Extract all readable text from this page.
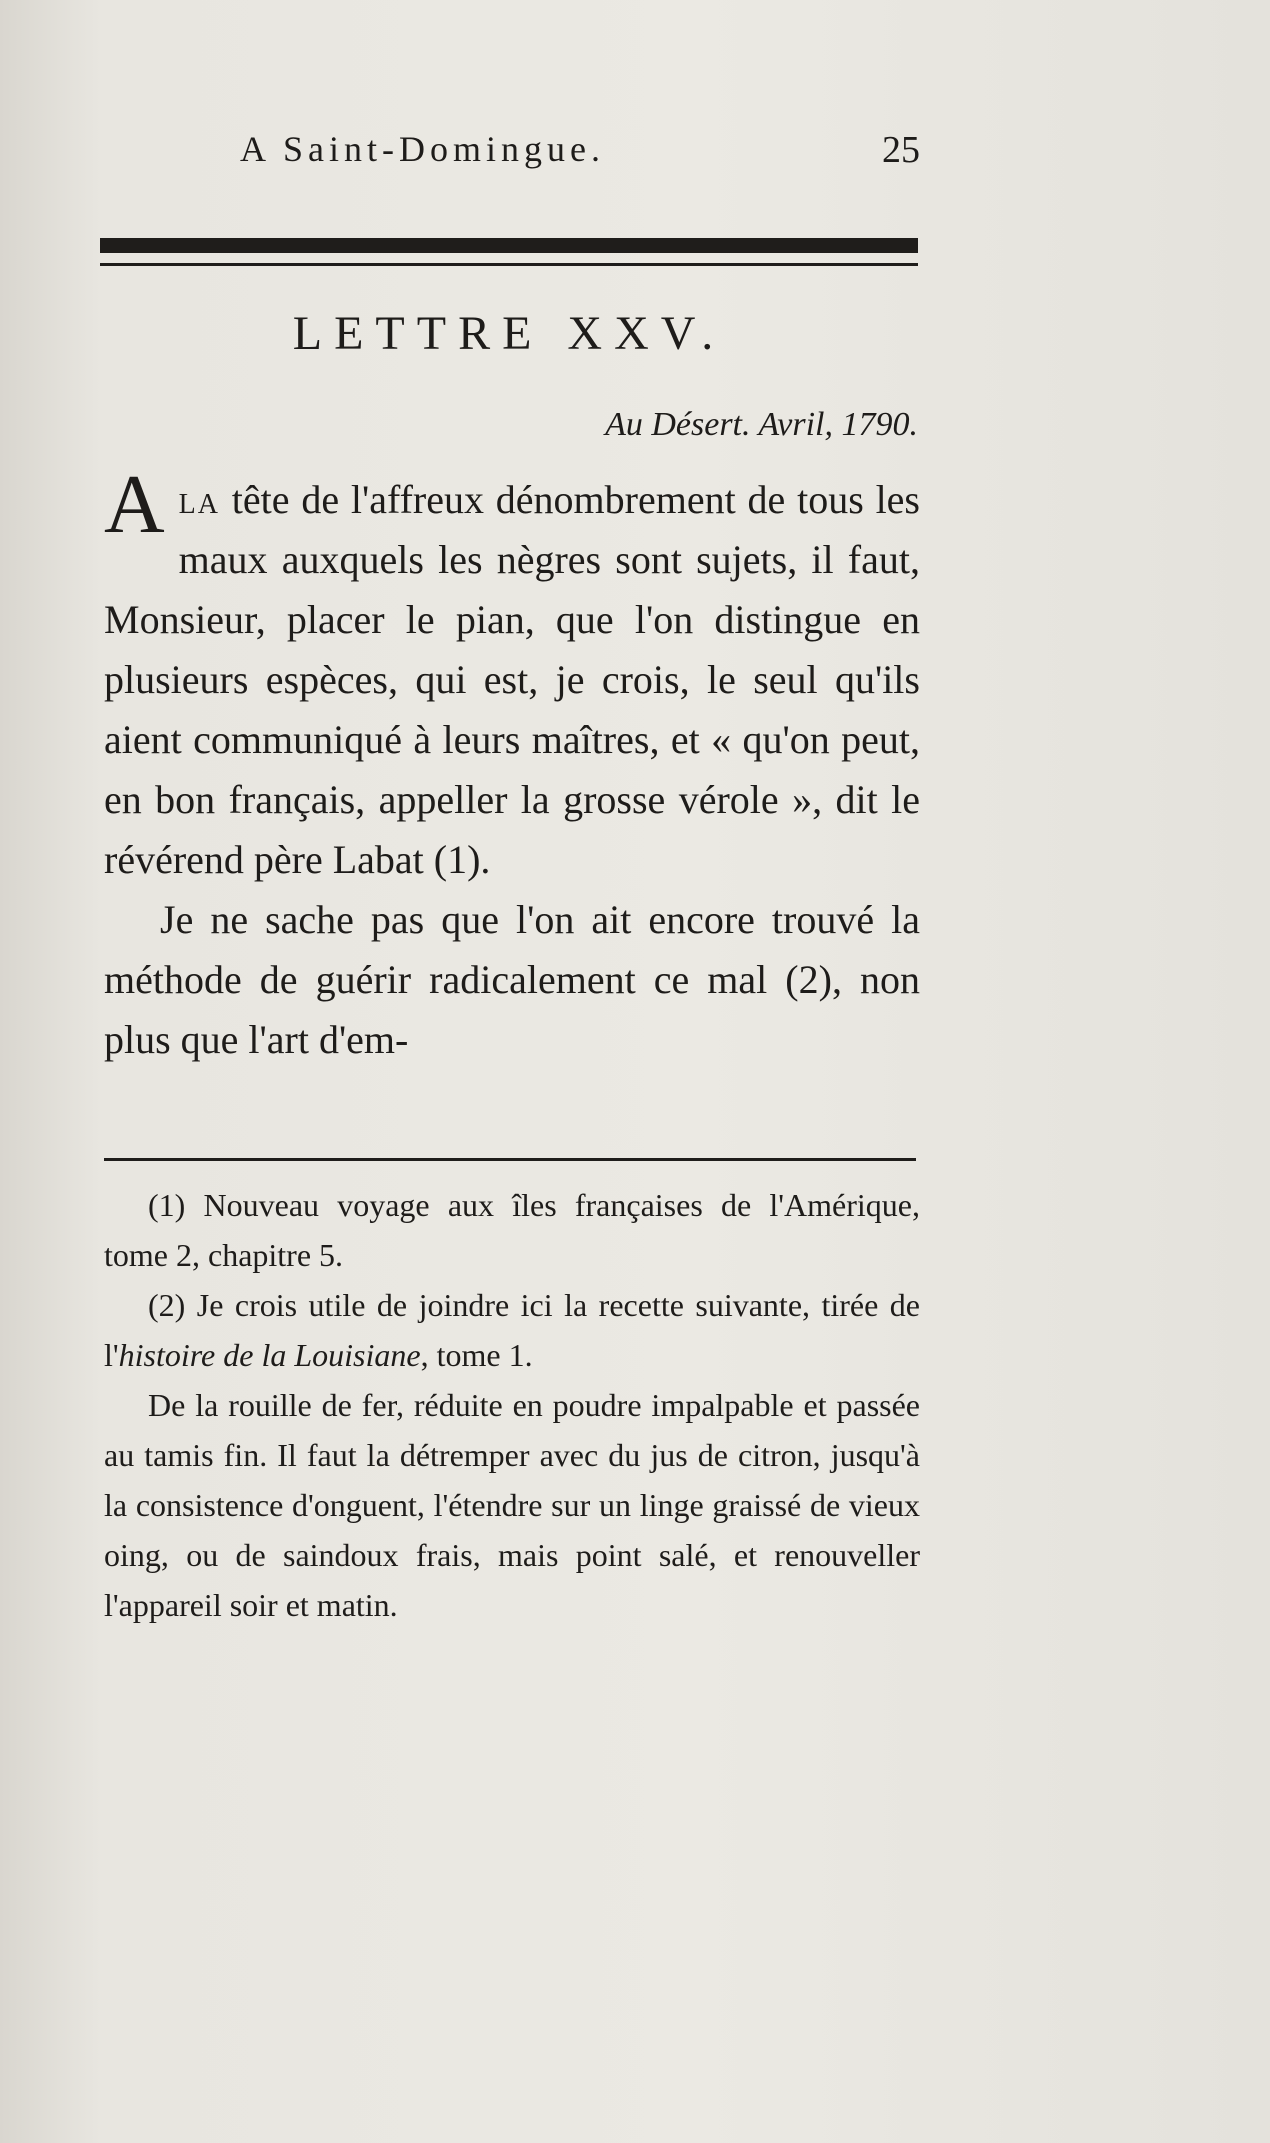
A Saint-Domingue.	25
LETTRE XXV.
Au Désert. Avril, 1790.

Ala tête de l'affreux dénombrement de tous les maux auxquels les nègres sont sujets, il faut, Monsieur, placer le pian, que l'on distingue en plusieurs espèces, qui est, je crois, le seul qu'ils aient communiqué à leurs maîtres, et « qu'on peut, en bon français, appeller la grosse vérole », dit le révérend père Labat (1).

Je ne sache pas que l'on ait encore trouvé la méthode de guérir radicalement ce mal (2), non plus que l'art d'em-

(1) Nouveau voyage aux îles françaises de l'Amérique, tome 2, chapitre 5.

(2) Je crois utile de joindre ici la recette suivante, tirée de l'histoire de la Louisiane, tome 1.

De la rouille de fer, réduite en poudre impalpable et passée au tamis fin. Il faut la détremper avec du jus de citron, jusqu'à la consistence d'onguent, l'étendre sur un linge graissé de vieux oing, ou de saindoux frais, mais point salé, et renouveller l'appareil soir et matin.
